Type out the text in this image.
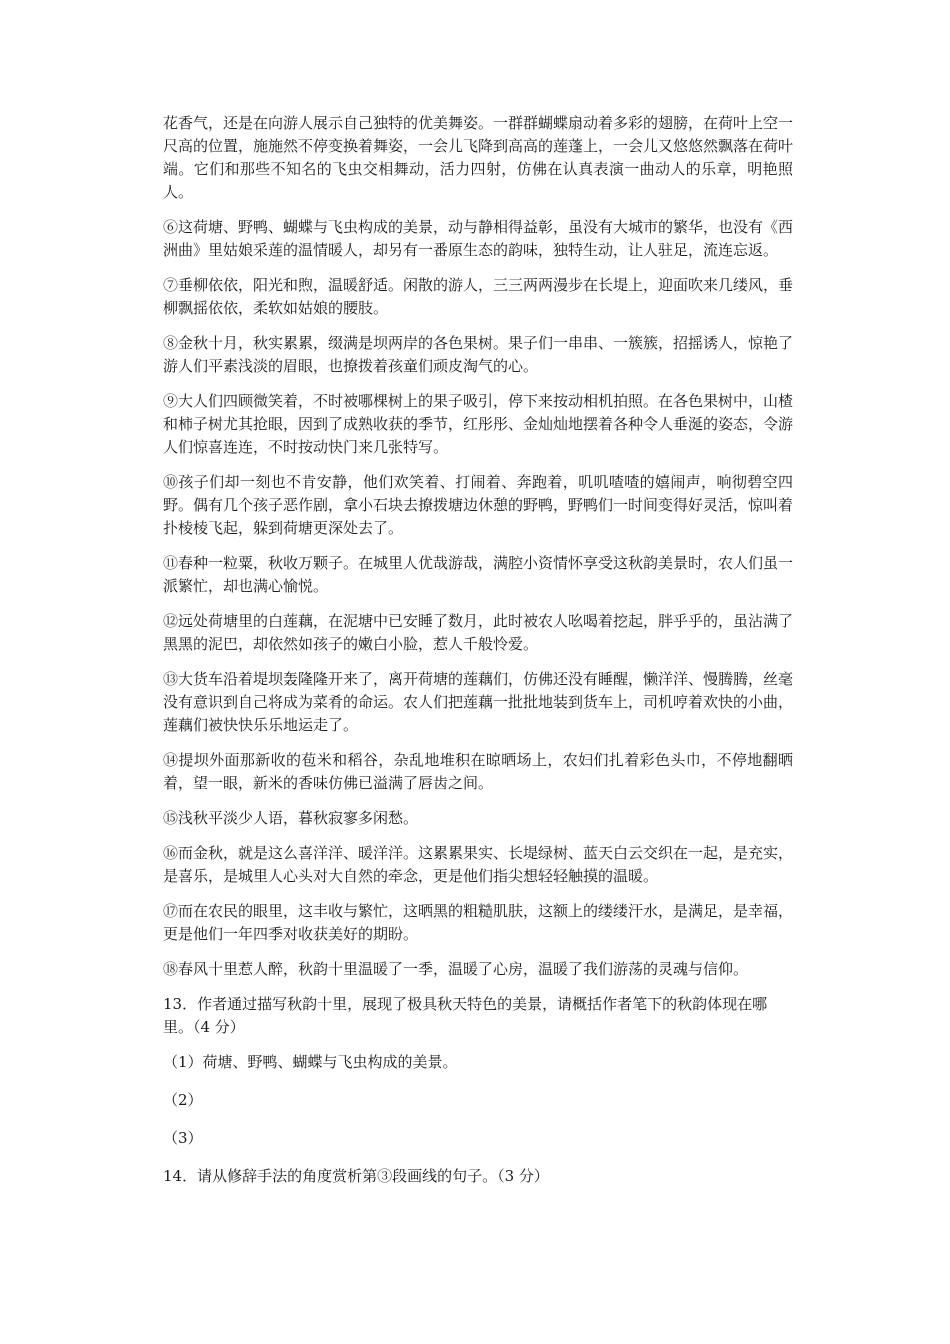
花香气，还是在向游人展示自己独特的优美舞姿。一群群蝴蝶扇动着多彩的翅膀，在荷叶上空一尺高的位置，施施然不停变换着舞姿，一会儿飞降到高高的莲蓬上，一会儿又悠悠然飘落在荷叶端。它们和那些不知名的飞虫交相舞动，活力四射，仿佛在认真表演一曲动人的乐章，明艳照人。

⑥这荷塘、野鸭、蝴蝶与飞虫构成的美景，动与静相得益彰，虽没有大城市的繁华，也没有《西洲曲》里姑娘采莲的温情暖人，却另有一番原生态的韵味，独特生动，让人驻足，流连忘返。

⑦垂柳依依，阳光和煦，温暖舒适。闲散的游人，三三两两漫步在长堤上，迎面吹来几缕风，垂柳飘摇依依，柔软如姑娘的腰肢。

⑧金秋十月，秋实累累，缀满是坝两岸的各色果树。果子们一串串、一簇簇，招摇诱人，惊艳了游人们平素浅淡的眉眼，也撩拨着孩童们顽皮淘气的心。

⑨大人们四顾微笑着，不时被哪棵树上的果子吸引，停下来按动相机拍照。在各色果树中，山楂和柿子树尤其抢眼，因到了成熟收获的季节，红彤彤、金灿灿地摆着各种令人垂涎的姿态，令游人们惊喜连连，不时按动快门来几张特写。

⑩孩子们却一刻也不肯安静，他们欢笑着、打闹着、奔跑着，叽叽喳喳的嬉闹声，响彻碧空四野。偶有几个孩子恶作剧，拿小石块去撩拨塘边休憩的野鸭，野鸭们一时间变得好灵活，惊叫着扑棱棱飞起，躲到荷塘更深处去了。

⑪春种一粒粟，秋收万颗子。在城里人优哉游哉，满腔小资情怀享受这秋韵美景时，农人们虽一派繁忙，却也满心愉悦。

⑫远处荷塘里的白莲藕，在泥塘中已安睡了数月，此时被农人吆喝着挖起，胖乎乎的，虽沾满了黑黑的泥巴，却依然如孩子的嫩白小脸，惹人千般怜爱。

⑬大货车沿着堤坝轰隆隆开来了，离开荷塘的莲藕们，仿佛还没有睡醒，懒洋洋、慢腾腾，丝毫没有意识到自己将成为菜肴的命运。农人们把莲藕一批批地装到货车上，司机哼着欢快的小曲，莲藕们被快快乐乐地运走了。

⑭提坝外面那新收的苞米和稻谷，杂乱地堆积在晾晒场上，农妇们扎着彩色头巾，不停地翻晒着，望一眼，新米的香味仿佛已溢满了唇齿之间。

⑮浅秋平淡少人语，暮秋寂寥多闲愁。

⑯而金秋，就是这么喜洋洋、暖洋洋。这累累果实、长堤绿树、蓝天白云交织在一起，是充实，是喜乐，是城里人心头对大自然的牵念，更是他们指尖想轻轻触摸的温暖。

⑰而在农民的眼里，这丰收与繁忙，这晒黑的粗糙肌肤，这额上的缕缕汗水，是满足，是幸福，更是他们一年四季对收获美好的期盼。

⑱春风十里惹人醉，秋韵十里温暖了一季，温暖了心房，温暖了我们游荡的灵魂与信仰。

13．作者通过描写秋韵十里，展现了极具秋天特色的美景，请概括作者笔下的秋韵体现在哪里。（4 分）

（1）荷塘、野鸭、蝴蝶与飞虫构成的美景。

（2）

（3）

14．请从修辞手法的角度赏析第③段画线的句子。（3 分）
